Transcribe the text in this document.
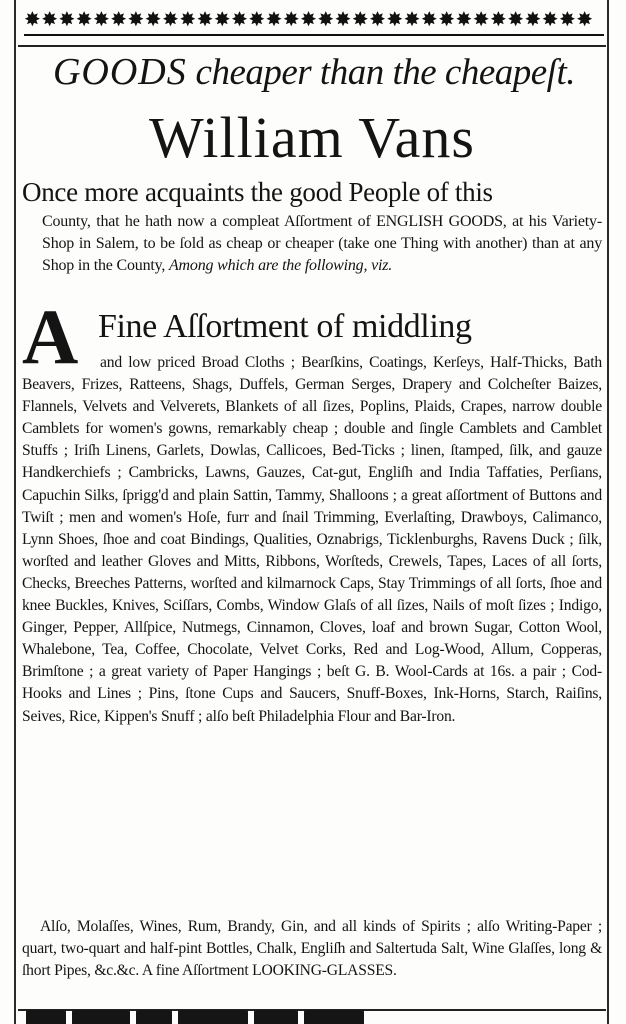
✸✸✸✸✸✸✸✸✸✸✸✸✸✸✸✸✸✸✸✸✸✸✸✸✸✸✸✸✸✸✸✸✸
GOODS cheaper than the cheapeſt.
William Vans
Once more acquaints the good People of this
County, that he hath now a compleat Aſſortment of ENGLISH GOODS, at his Variety-Shop in Salem, to be ſold as cheap or cheaper (take one Thing with another) than at any Shop in the County, Among which are the following, viz.
A Fine Aſſortment of middling
and low priced Broad Cloths ; Bearſkins, Coatings, Kerſeys, Half-Thicks, Bath Beavers, Frizes, Ratteens, Shags, Duffels, German Serges, Drapery and Colcheſter Baizes, Flannels, Velvets and Velverets, Blankets of all ſizes, Poplins, Plaids, Crapes, narrow double Camblets for women's gowns, remarkably cheap ; double and ſingle Camblets and Camblet Stuffs ; Iriſh Linens, Garlets, Dowlas, Callicoes, Bed-Ticks ; linen, ſtamped, ſilk, and gauze Handkerchiefs ; Cambricks, Lawns, Gauzes, Cat-gut, Engliſh and India Taffaties, Perſians, Capuchin Silks, ſprigg'd and plain Sattin, Tammy, Shalloons ; a great aſſortment of Buttons and Twiſt ; men and women's Hoſe, furr and ſnail Trimming, Everlaſting, Drawboys, Calimanco, Lynn Shoes, ſhoe and coat Bindings, Qualities, Oznabrigs, Ticklenburghs, Ravens Duck ; ſilk, worſted and leather Gloves and Mitts, Ribbons, Worſteds, Crewels, Tapes, Laces of all ſorts, Checks, Breeches Patterns, worſted and kilmarnock Caps, Stay Trimmings of all ſorts, ſhoe and knee Buckles, Knives, Sciſſars, Combs, Window Glaſs of all ſizes, Nails of moſt ſizes ; Indigo, Ginger, Pepper, Allſpice, Nutmegs, Cinnamon, Cloves, loaf and brown Sugar, Cotton Wool, Whalebone, Tea, Coffee, Chocolate, Velvet Corks, Red and Log-Wood, Allum, Copperas, Brimſtone ; a great variety of Paper Hangings ; beſt G. B. Wool-Cards at 16s. a pair ; Cod-Hooks and Lines ; Pins, ſtone Cups and Saucers, Snuff-Boxes, Ink-Horns, Starch, Raiſins, Seives, Rice, Kippen's Snuff ; alſo beſt Philadelphia Flour and Bar-Iron.
Alſo, Molaſſes, Wines, Rum, Brandy, Gin, and all kinds of Spirits ; alſo Writing-Paper ; quart, two-quart and half-pint Bottles, Chalk, Engliſh and Saltertuda Salt, Wine Glaſſes, long & ſhort Pipes, &c.&c. A fine Aſſortment LOOKING-GLASSES.
